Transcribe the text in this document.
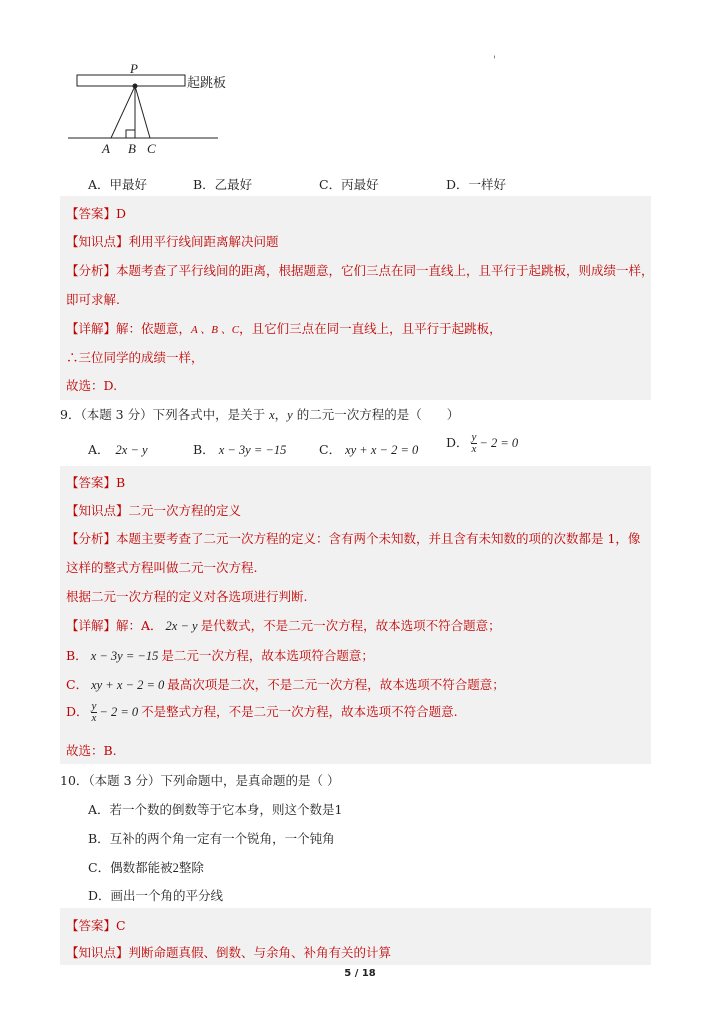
P
起跳板
A B C
'
A．甲最好	B．乙最好	C．丙最好	D．一样好
【答案】D
【知识点】利用平行线间距离解决问题
【分析】本题考查了平行线间的距离，根据题意，它们三点在同一直线上，且平行于起跳板，则成绩一样，
即可求解.
【详解】解：依题意，A 、B 、C，且它们三点在同一直线上，且平行于起跳板，
∴三位同学的成绩一样，
故选：D.
9．（本题 3 分）下列各式中，是关于 x，y 的二元一次方程的是（　　）
A． 2x − y	B． x − 3y = −15	C． xy + x − 2 = 0 D． $\frac{y}{x} - 2 = 0$
【答案】B
【知识点】二元一次方程的定义
【分析】本题主要考查了二元一次方程的定义：含有两个未知数，并且含有未知数的项的次数都是 1，像
这样的整式方程叫做二元一次方程.
根据二元一次方程的定义对各选项进行判断.
【详解】解：A． 2x − y 是代数式，不是二元一次方程，故本选项不符合题意；
B． x − 3y = −15 是二元一次方程，故本选项符合题意；
C． xy + x − 2 = 0 最高次项是二次，不是二元一次方程，故本选项不符合题意；
D． $\frac{y}{x} - 2 = 0$ 不是整式方程，不是二元一次方程，故本选项不符合题意.
故选：B.
10．（本题 3 分）下列命题中，是真命题的是（ ）
A．若一个数的倒数等于它本身，则这个数是1
B．互补的两个角一定有一个锐角，一个钝角
C．偶数都能被2整除
D．画出一个角的平分线
【答案】C
【知识点】判断命题真假、倒数、与余角、补角有关的计算
5 / 18
